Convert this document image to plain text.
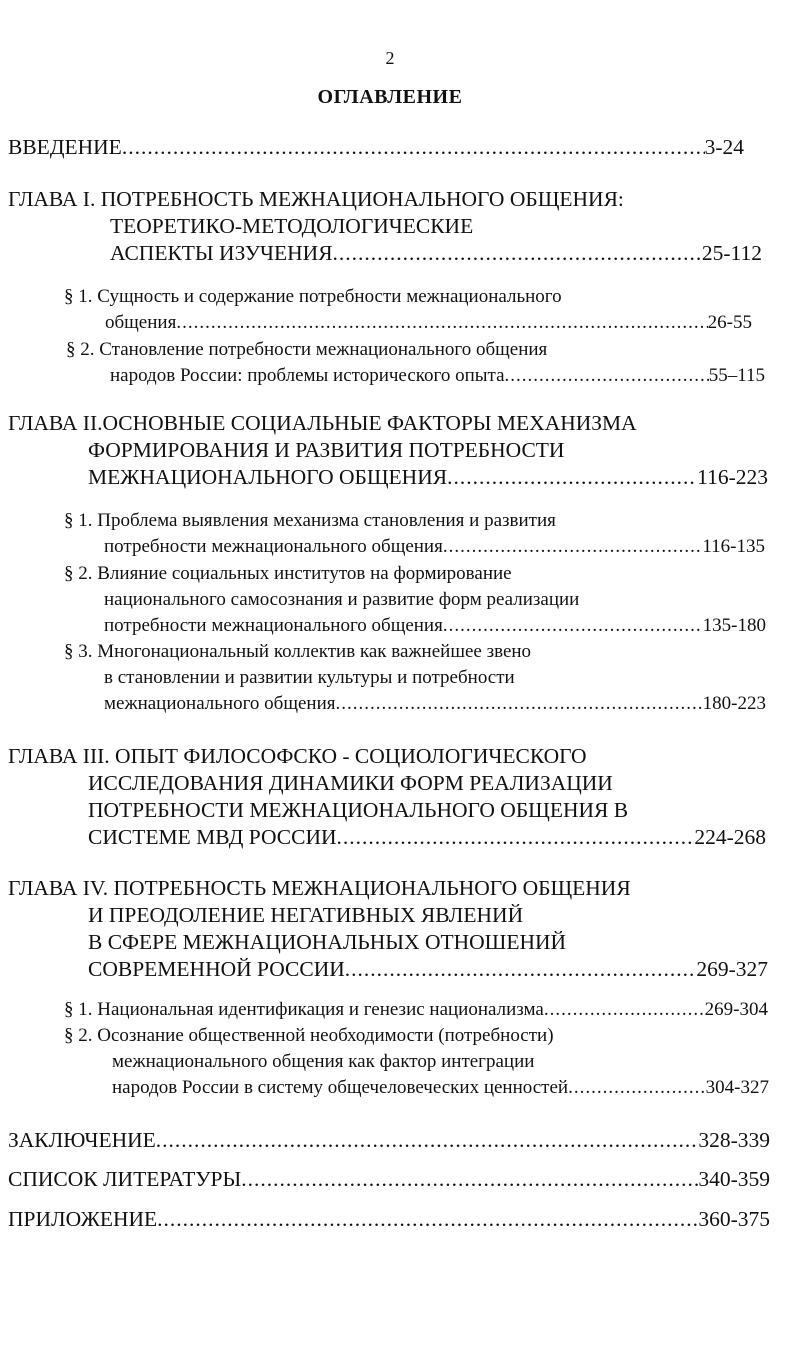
2
ОГЛАВЛЕНИЕ
ВВЕДЕНИЕ .....	3-24
ГЛАВА I. ПОТРЕБНОСТЬ МЕЖНАЦИОНАЛЬНОГО ОБЩЕНИЯ:
ТЕОРЕТИКО-МЕТОДОЛОГИЧЕСКИЕ
АСПЕКТЫ ИЗУЧЕНИЯ .....	25-112
§ 1. Сущность и содержание потребности межнационального
общения .....	26-55
§ 2. Становление потребности межнационального общения
народов России: проблемы исторического опыта .....	55–115
ГЛАВА II.ОСНОВНЫЕ СОЦИАЛЬНЫЕ ФАКТОРЫ МЕХАНИЗМА
ФОРМИРОВАНИЯ И РАЗВИТИЯ ПОТРЕБНОСТИ
МЕЖНАЦИОНАЛЬНОГО ОБЩЕНИЯ .....	116-223
§ 1. Проблема выявления механизма становления и развития
потребности межнационального общения .....	116-135
§ 2. Влияние социальных институтов на формирование
национального самосознания и развитие форм реализации
потребности межнационального общения .....	135-180
§ 3. Многонациональный коллектив как важнейшее звено
в становлении и развитии культуры и потребности
межнационального общения .....	180-223
ГЛАВА III. ОПЫТ ФИЛОСОФСКО - СОЦИОЛОГИЧЕСКОГО
ИССЛЕДОВАНИЯ ДИНАМИКИ ФОРМ РЕАЛИЗАЦИИ
ПОТРЕБНОСТИ МЕЖНАЦИОНАЛЬНОГО ОБЩЕНИЯ В
СИСТЕМЕ МВД РОССИИ .....	224-268
ГЛАВА IV. ПОТРЕБНОСТЬ МЕЖНАЦИОНАЛЬНОГО ОБЩЕНИЯ
И ПРЕОДОЛЕНИЕ НЕГАТИВНЫХ ЯВЛЕНИЙ
В СФЕРЕ МЕЖНАЦИОНАЛЬНЫХ ОТНОШЕНИЙ
СОВРЕМЕННОЙ РОССИИ .....	269-327
§ 1. Национальная идентификация и генезис национализма .....	269-304
§ 2. Осознание общественной необходимости (потребности)
межнационального общения как фактор интеграции
народов России в систему общечеловеческих ценностей .....	304-327
ЗАКЛЮЧЕНИЕ .....	328-339
СПИСОК ЛИТЕРАТУРЫ .....	340-359
ПРИЛОЖЕНИЕ .....	360-375
